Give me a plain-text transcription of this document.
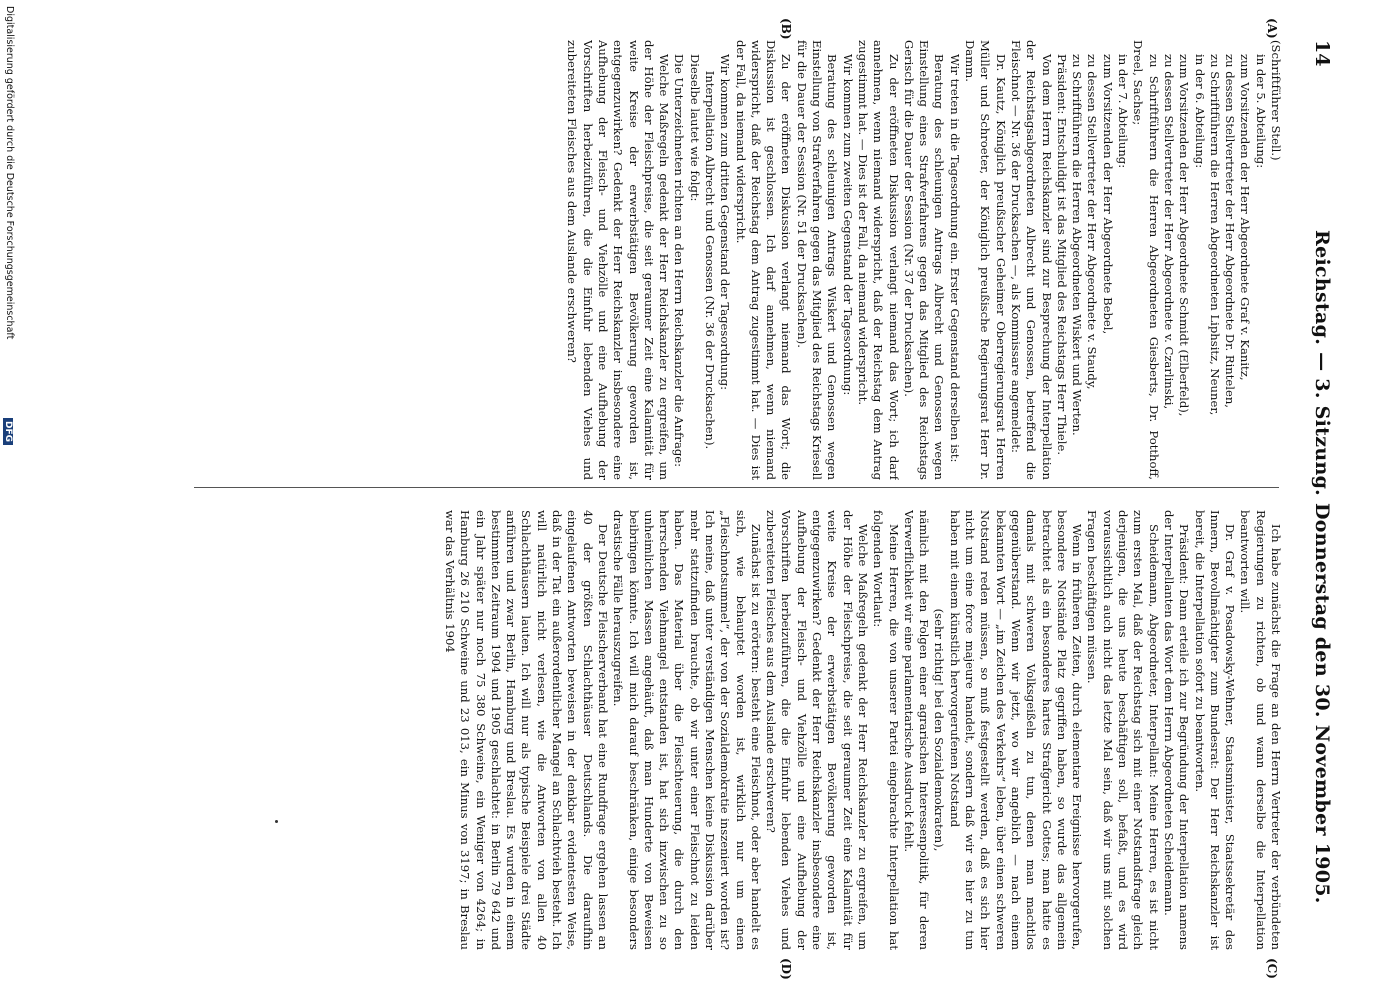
14
Reichstag. — 3. Sitzung. Donnerstag den 30. November 1905.
(A)
(B)
(C)
(D)

(Schriftführer Stell.)

in der 5. Abteilung:

zum Vorsitzenden der Herr Abgeordnete Graf v. Kanitz,

zu dessen Stellvertreter der Herr Abgeordnete Dr. Rintelen,

zu Schriftführern die Herren Abgeordneten Liphsitz, Neuner,

in der 6. Abteilung:

zum Vorsitzenden der Herr Abgeordnete Schmidt (Elberfeld),

zu dessen Stellvertreter der Herr Abgeordnete v. Czarlinski,

zu Schriftführern die Herren Abgeordneten Giesberts, Dr. Potthoff, Dreel, Sachse;

in der 7. Abteilung:

zum Vorsitzenden der Herr Abgeordnete Bebel,

zu dessen Stellvertreter der Herr Abgeordnete v. Staudy,

zu Schriftführern die Herren Abgeordneten Wiskert und Werten.

Präsident: Entschuldigt ist das Mitglied des Reichstags Herr Thiele.

Von dem Herrn Reichskanzler sind zur Besprechung der Interpellation der Reichstagsabgeordneten Albrecht und Genossen, betreffend die Fleischnot — Nr. 36 der Drucksachen —, als Kommissare angemeldet:

Dr. Kautz, Königlich preußischer Geheimer Oberregierungsrat Herren Müller und Schroeter, der Königlich preußische Regierungsrat Herr Dr. Damm.

Wir treten in die Tagesordnung ein. Erster Gegenstand derselben ist:

Beratung des schleunigen Antrags Albrecht und Genossen wegen Einstellung eines Strafverfahrens gegen das Mitglied des Reichstags Gerisch für die Dauer der Session (Nr. 37 der Drucksachen).

Zu der eröffneten Diskussion verlangt niemand das Wort; ich darf annehmen, wenn niemand widerspricht, daß der Reichstag dem Antrag zugestimmt hat. — Dies ist der Fall, da niemand widerspricht.

Wir kommen zum zweiten Gegenstand der Tagesordnung:

Beratung des schleunigen Antrags Wiskert und Genossen wegen Einstellung von Strafverfahren gegen das Mitglied des Reichstags Kriesell für die Dauer der Session (Nr. 51 der Drucksachen).

Zu der eröffneten Diskussion verlangt niemand das Wort; die Diskussion ist geschlossen. Ich darf annehmen, wenn niemand widerspricht, daß der Reichstag dem Antrag zugestimmt hat. — Dies ist der Fall, da niemand widerspricht.

Wir kommen zum dritten Gegenstand der Tagesordnung:

Interpellation Albrecht und Genossen (Nr. 36 der Drucksachen).

Dieselbe lautet wie folgt:

Die Unterzeichneten richten an den Herrn Reichskanzler die Anfrage:

Welche Maßregeln gedenkt der Herr Reichskanzler zu ergreifen, um der Höhe der Fleischpreise, die seit geraumer Zeit eine Kalamität für weite Kreise der erwerbstätigen Bevölkerung geworden ist, entgegenzuwirken? Gedenkt der Herr Reichskanzler insbesondere eine Aufhebung der Fleisch- und Viehzölle und eine Aufhebung der Vorschriften herbeizuführen, die die Einfuhr lebenden Viehes und zubereiteten Fleisches aus dem Auslande erschweren?

Ich habe zunächst die Frage an den Herrn Vertreter der verbündeten Regierungen zu richten, ob und wann derselbe die Interpellation beantworten will.

Dr. Graf v. Posadowsky-Wehner, Staatsminister, Staatssekretär des Innern, Bevollmächtigter zum Bundesrat: Der Herr Reichskanzler ist bereit, die Interpellation sofort zu beantworten.

Präsident: Dann erteile ich zur Begründung der Interpellation namens der Interpellanten das Wort dem Herrn Abgeordneten Scheidemann.

Scheidemann, Abgeordneter, Interpellant: Meine Herren, es ist nicht zum ersten Mal, daß der Reichstag sich mit einer Notstandsfrage gleich derjenigen, die uns heute beschäftigen soll, befaßt, und es wird voraussichtlich auch nicht das letzte Mal sein, daß wir uns mit solchen Fragen beschäftigen müssen.

Wenn in früheren Zeiten, durch elementare Ereignisse hervorgerufen, besondere Notstände Platz gegriffen haben, so wurde das allgemein betrachtet als ein besonderes hartes Strafgericht Gottes; man hatte es damals mit schweren Volksgeißeln zu tun, denen man machtlos gegenüberstand. Wenn wir jetzt, wo wir angeblich — nach einem bekannten Wort — „im Zeichen des Verkehrs“ leben, über einen schweren Notstand reden müssen, so muß festgestellt werden, daß es sich hier nicht um eine force majeure handelt, sondern daß wir es hier zu tun haben mit einem künstlich hervorgerufenen Notstand

(sehr richtig! bei den Sozialdemokraten),

nämlich mit den Folgen einer agrarischen Interessenpolitik, für deren Verwerflichkeit wir eine parlamentarische Ausdruck fehlt.

Meine Herren, die von unserer Partei eingebrachte Interpellation hat folgenden Wortlaut:

Welche Maßregeln gedenkt der Herr Reichskanzler zu ergreifen, um der Höhe der Fleischpreise, die seit geraumer Zeit eine Kalamität für weite Kreise der erwerbstätigen Bevölkerung geworden ist, entgegenzuwirken? Gedenkt der Herr Reichskanzler insbesondere eine Aufhebung der Fleisch- und Viehzölle und eine Aufhebung der Vorschriften herbeizuführen, die die Einfuhr lebenden Viehes und zubereiteten Fleisches aus dem Auslande erschweren?

Zunächst ist zu erörtern: besteht eine Fleischnot, oder aber handelt es sich, wie behauptet worden ist, wirklich nur um einen „Fleischnotsummel“, der von der Sozialdemokratie inszeniert worden ist? Ich meine, daß unter verständigen Menschen keine Diskussion darüber mehr stattzufinden brauchte, ob wir unter einer Fleischnot zu leiden haben. Das Material über die Fleischteuerung, die durch den herrschenden Viehmangel entstanden ist, hat sich inzwischen zu so unheimlichen Massen angehäuft, daß man Hunderte von Beweisen beibringen könnte. Ich will mich darauf beschränken, einige besonders drastische Fälle herauszugreifen.

Der Deutsche Fleischerverband hat eine Rundfrage ergehen lassen an 40 der größten Schlachthäuser Deutschlands. Die daraufhin eingelaufenen Antworten beweisen in der denkbar evidentesten Weise, daß in der Tat ein außerordentlicher Mangel an Schlachtvieh besteht. Ich will natürlich nicht verlesen, wie die Antworten von allen 40 Schlachthäusern lauten. Ich will nur als typische Beispiele drei Städte anführen und zwar Berlin, Hamburg und Breslau. Es wurden in einem bestimmten Zeitraum 1904 und 1905 geschlachtet: in Berlin 79 642 und ein Jahr später nur noch 75 380 Schweine, ein Weniger von 4264; in Hamburg 26 210 Schweine und 23 013, ein Minus von 3197; in Breslau war das Verhältnis 1904

Digitalisierung gefördert durch die Deutsche Forschungsgemeinschaft
DFG
